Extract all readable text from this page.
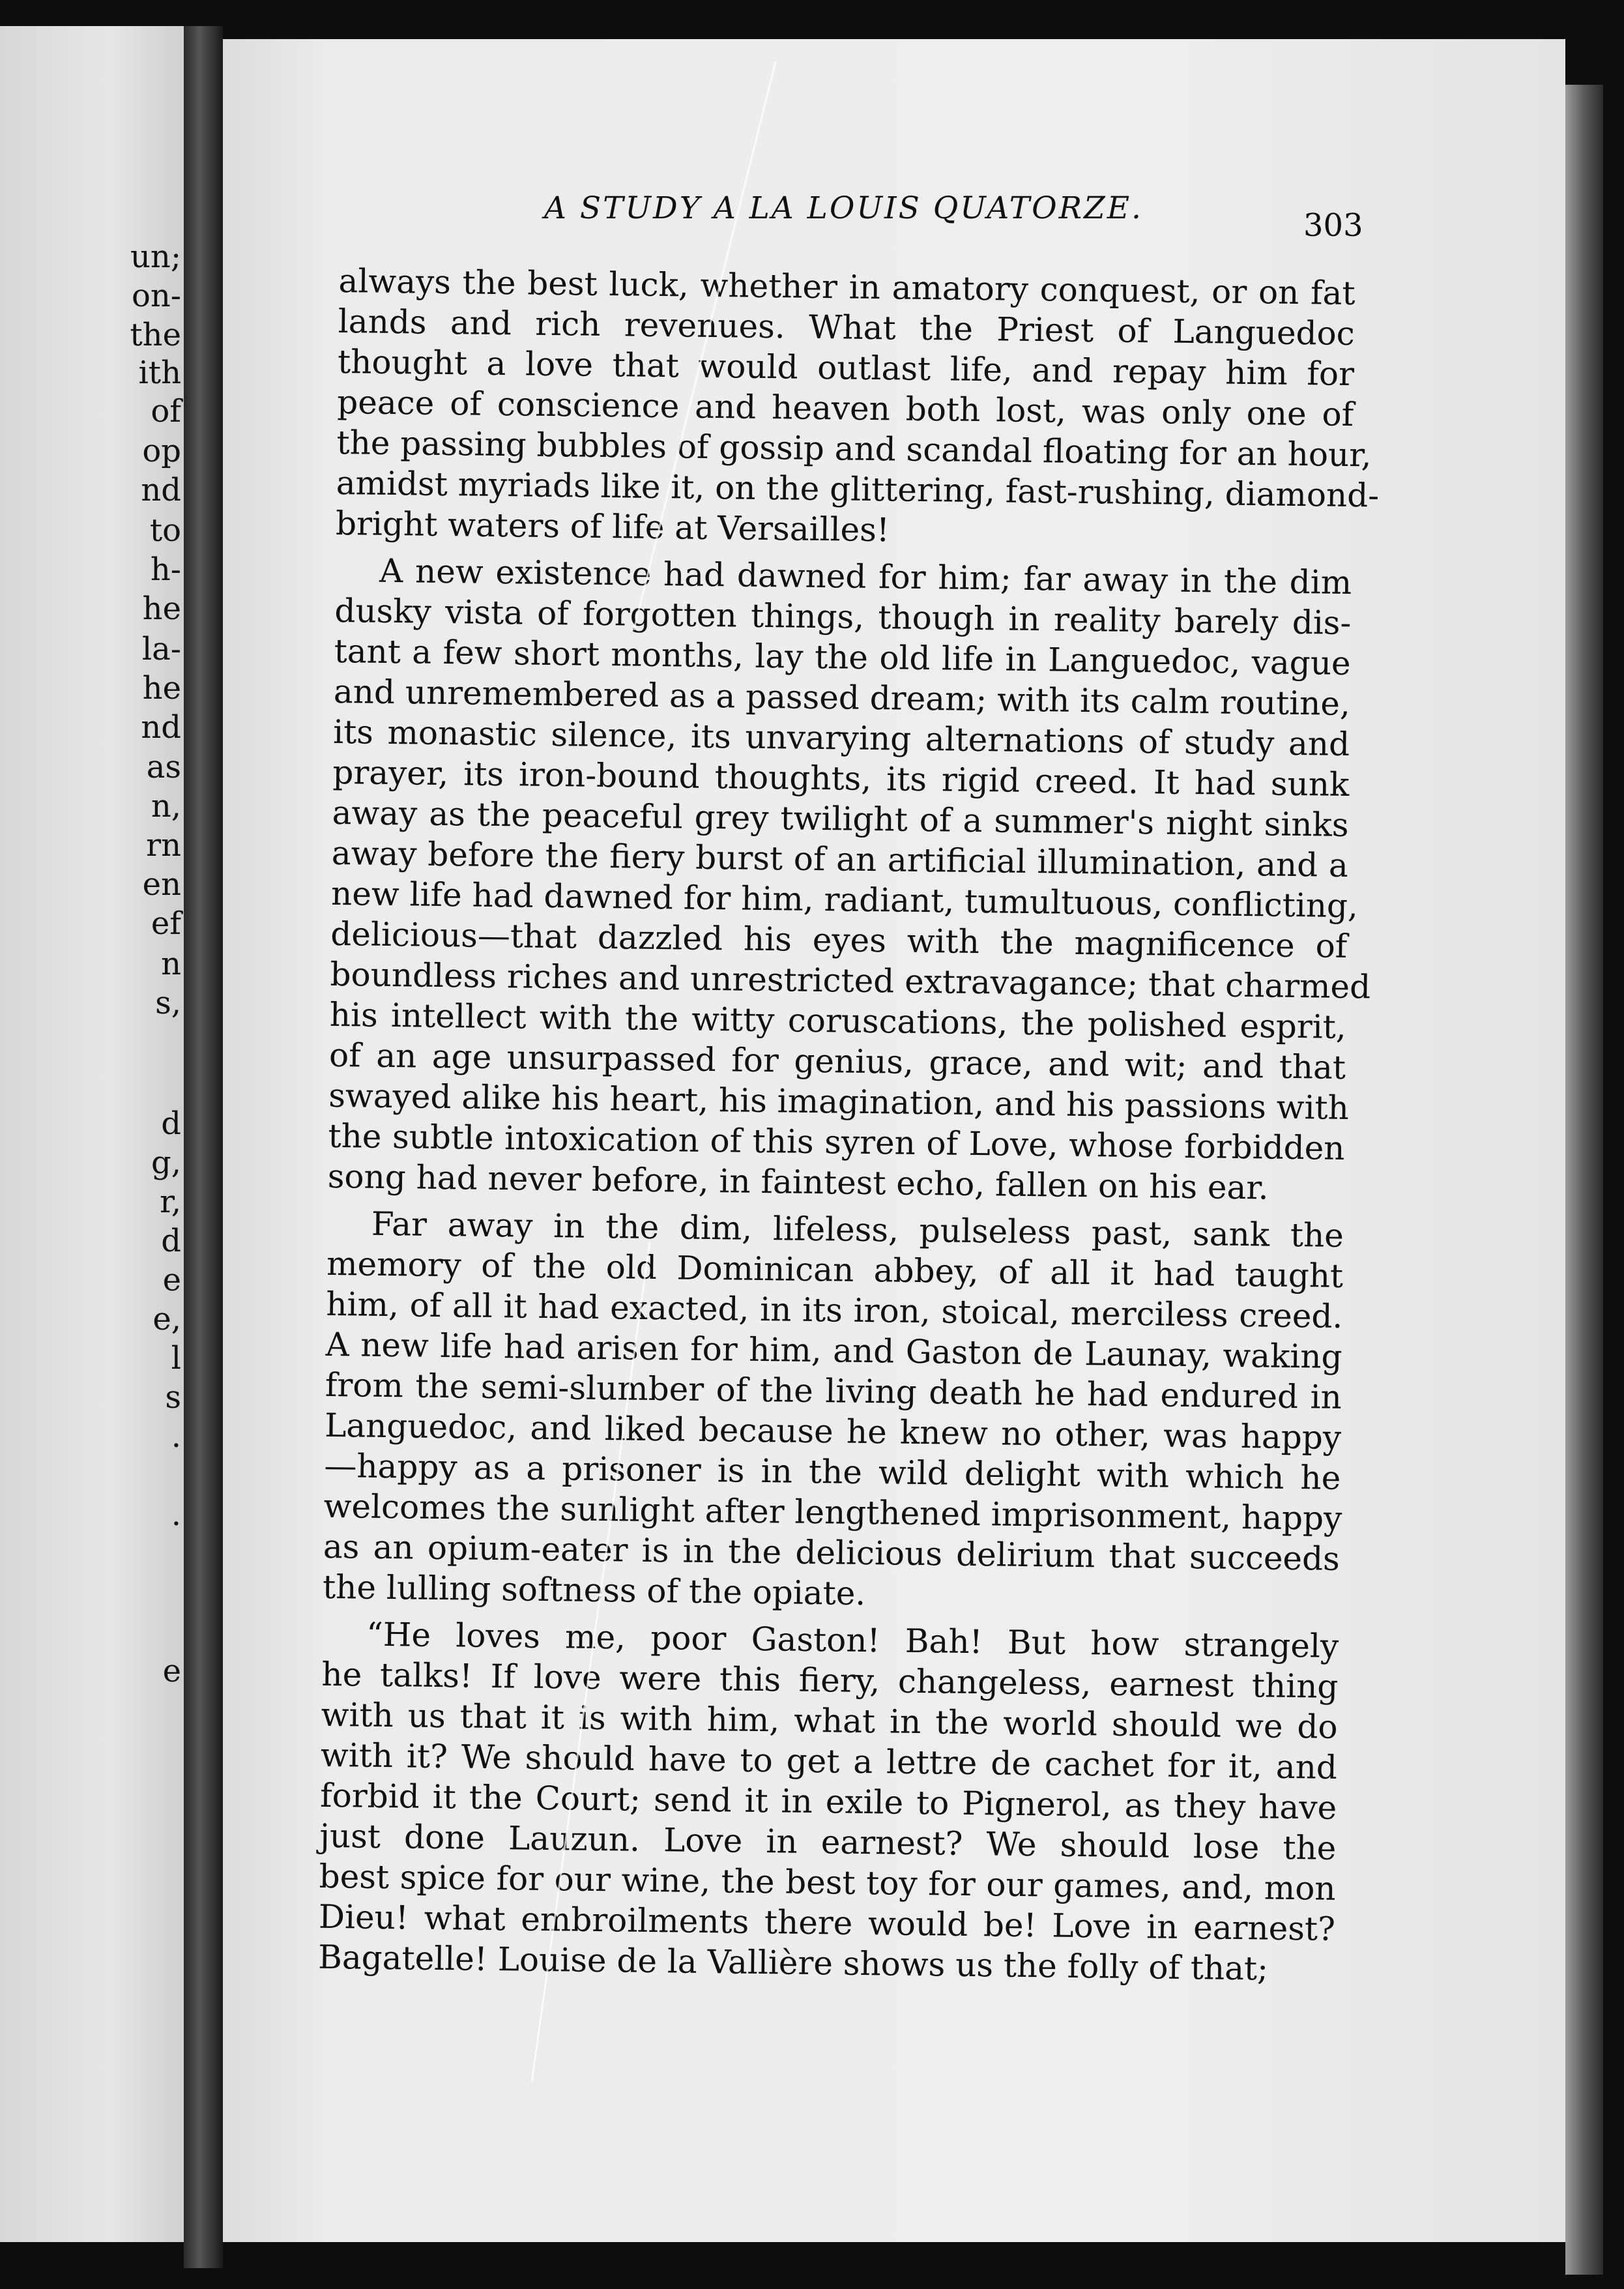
un;
on-
the
ith
of
op
nd
to
h-
he
la-
he
nd
as
n,
rn
en
ef
n
s,
d
g,
r,
d
e
e,
l
s
.
.
e
A STUDY A LA LOUIS QUATORZE.	303
always the best luck, whether in amatory conquest, or on fat
lands and rich revenues. What the Priest of Languedoc
thought a love that would outlast life, and repay him for
peace of conscience and heaven both lost, was only one of
the passing bubbles of gossip and scandal floating for an hour,
amidst myriads like it, on the glittering, fast-rushing, diamond-
bright waters of life at Versailles!
A new existence had dawned for him; far away in the dim
dusky vista of forgotten things, though in reality barely dis-
tant a few short months, lay the old life in Languedoc, vague
and unremembered as a passed dream; with its calm routine,
its monastic silence, its unvarying alternations of study and
prayer, its iron-bound thoughts, its rigid creed. It had sunk
away as the peaceful grey twilight of a summer's night sinks
away before the fiery burst of an artificial illumination, and a
new life had dawned for him, radiant, tumultuous, conflicting,
delicious—that dazzled his eyes with the magnificence of
boundless riches and unrestricted extravagance; that charmed
his intellect with the witty coruscations, the polished esprit,
of an age unsurpassed for genius, grace, and wit; and that
swayed alike his heart, his imagination, and his passions with
the subtle intoxication of this syren of Love, whose forbidden
song had never before, in faintest echo, fallen on his ear.
Far away in the dim, lifeless, pulseless past, sank the
memory of the old Dominican abbey, of all it had taught
him, of all it had exacted, in its iron, stoical, merciless creed.
A new life had arisen for him, and Gaston de Launay, waking
from the semi-slumber of the living death he had endured in
Languedoc, and liked because he knew no other, was happy
—happy as a prisoner is in the wild delight with which he
welcomes the sunlight after lengthened imprisonment, happy
as an opium-eater is in the delicious delirium that succeeds
the lulling softness of the opiate.
“He loves me, poor Gaston! Bah! But how strangely
he talks! If love were this fiery, changeless, earnest thing
with us that it is with him, what in the world should we do
with it? We should have to get a lettre de cachet for it, and
forbid it the Court; send it in exile to Pignerol, as they have
just done Lauzun. Love in earnest? We should lose the
best spice for our wine, the best toy for our games, and, mon
Dieu! what embroilments there would be! Love in earnest?
Bagatelle! Louise de la Vallière shows us the folly of that;
